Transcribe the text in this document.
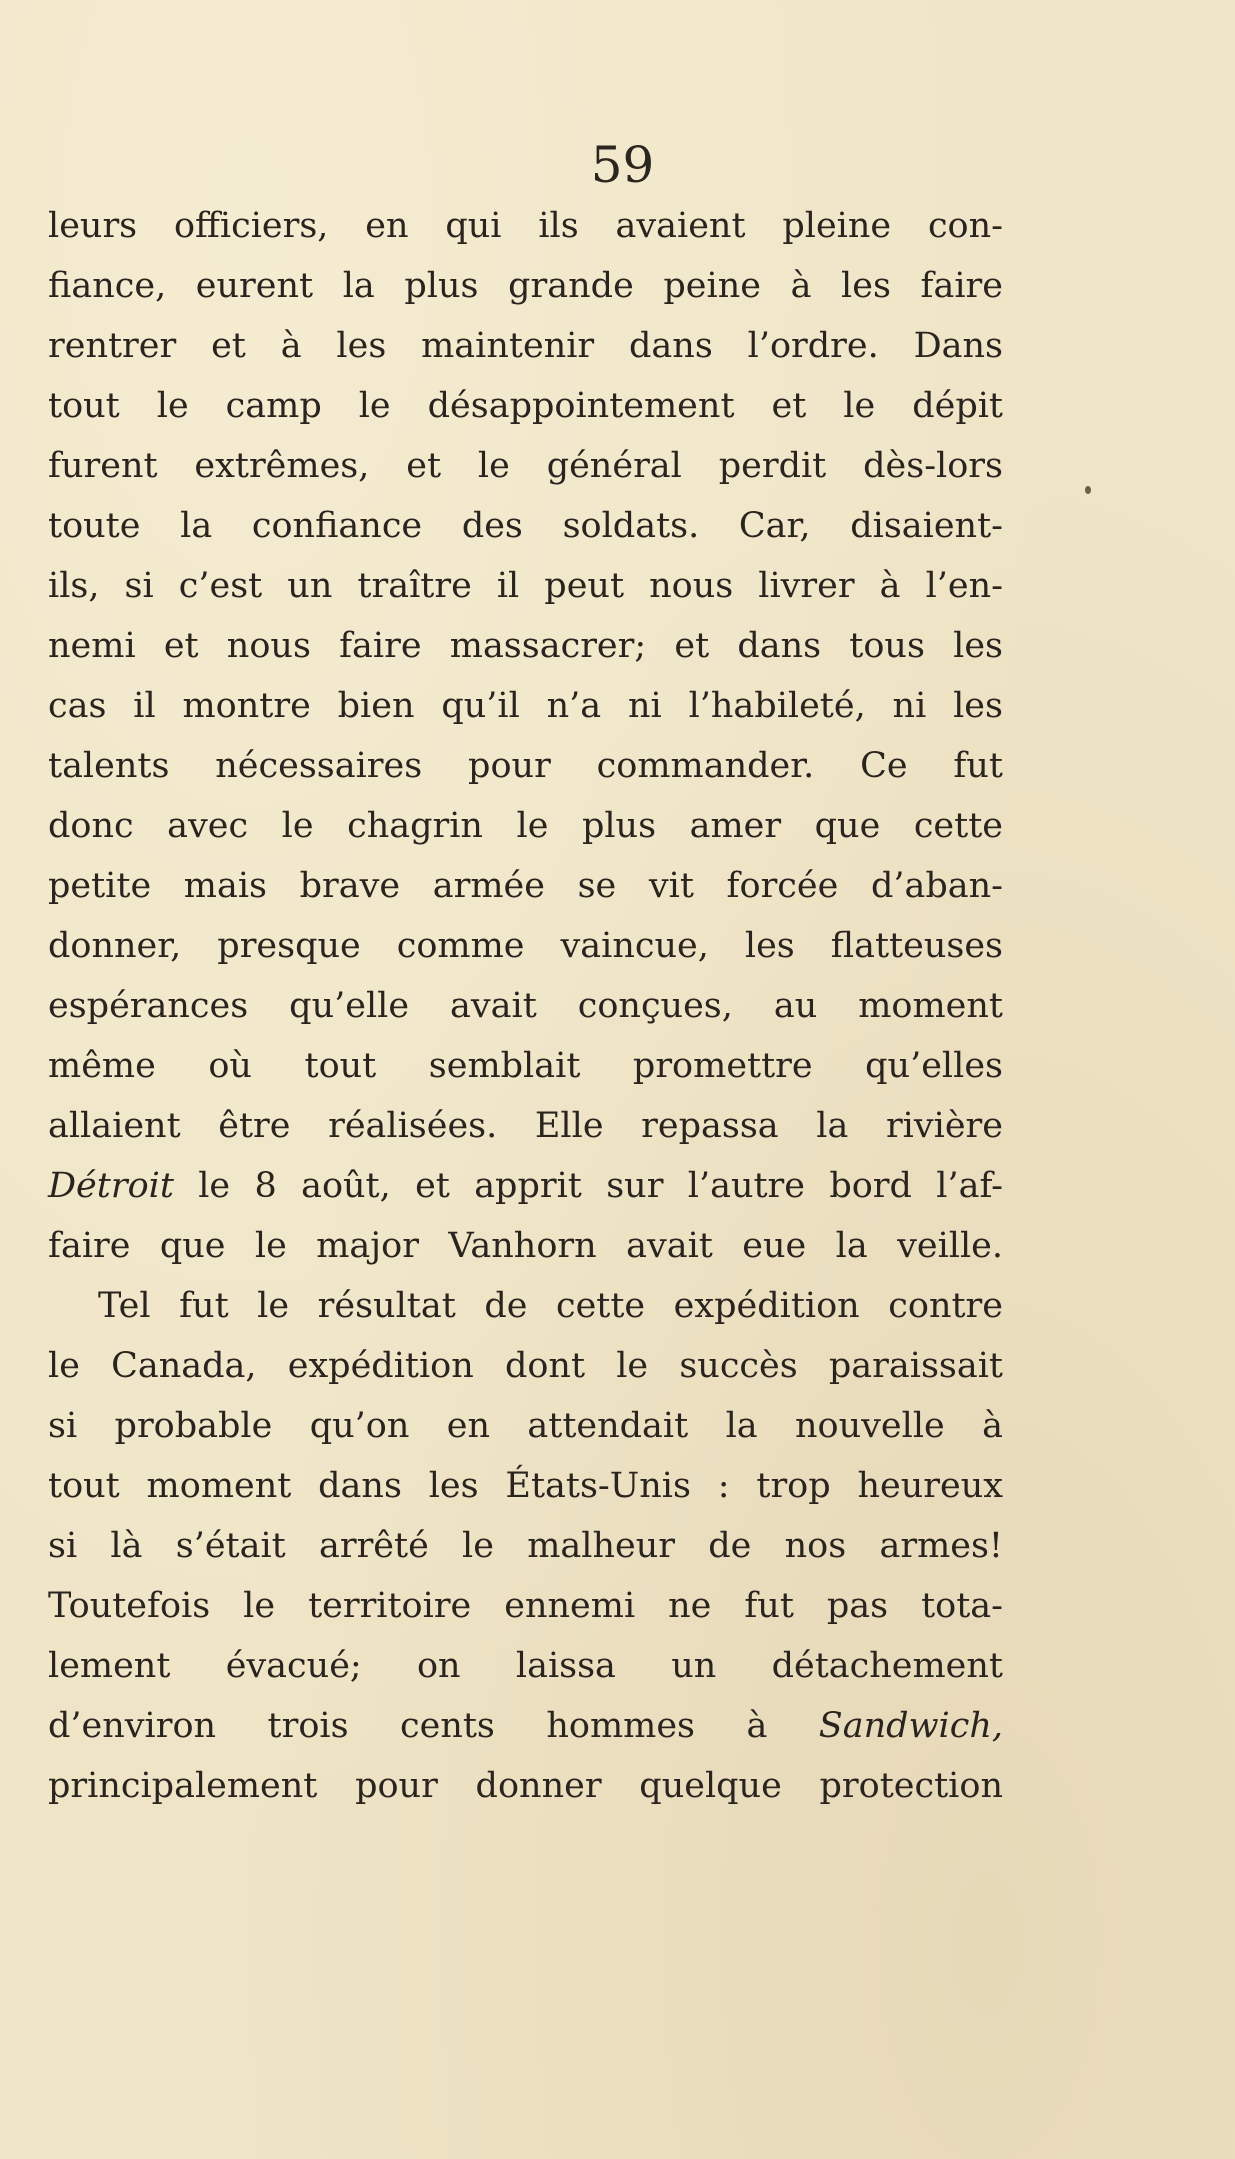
59
leurs officiers, en qui ils avaient pleine con-
fiance, eurent la plus grande peine à les faire
rentrer et à les maintenir dans l’ordre. Dans
tout le camp le désappointement et le dépit
furent extrêmes, et le général perdit dès-lors
toute la confiance des soldats. Car, disaient-
ils, si c’est un traître il peut nous livrer à l’en-
nemi et nous faire massacrer; et dans tous les
cas il montre bien qu’il n’a ni l’habileté, ni les
talents nécessaires pour commander. Ce fut
donc avec le chagrin le plus amer que cette
petite mais brave armée se vit forcée d’aban-
donner, presque comme vaincue, les flatteuses
espérances qu’elle avait conçues, au moment
même où tout semblait promettre qu’elles
allaient être réalisées. Elle repassa la rivière
Détroit le 8 août, et apprit sur l’autre bord l’af-
faire que le major Vanhorn avait eue la veille.
Tel fut le résultat de cette expédition contre
le Canada, expédition dont le succès paraissait
si probable qu’on en attendait la nouvelle à
tout moment dans les États-Unis : trop heureux
si là s’était arrêté le malheur de nos armes!
Toutefois le territoire ennemi ne fut pas tota-
lement évacué; on laissa un détachement
d’environ trois cents hommes à Sandwich,
principalement pour donner quelque protection
